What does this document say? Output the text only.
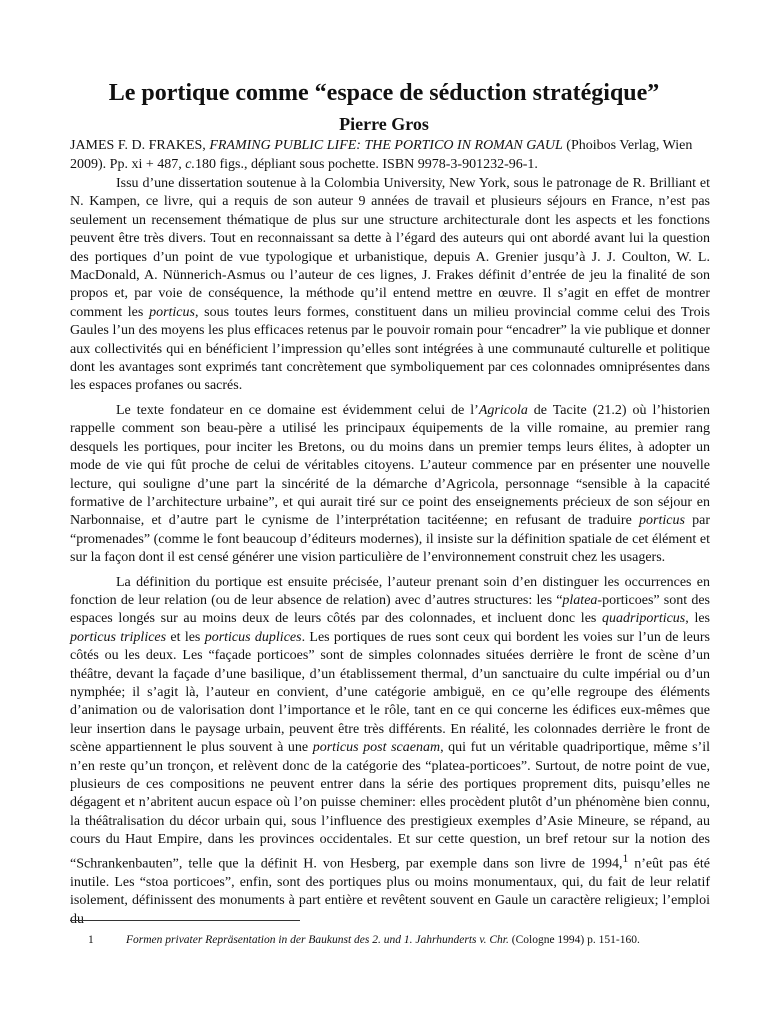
Le portique comme “espace de séduction stratégique”
Pierre Gros

JAMES F. D. FRAKES, FRAMING PUBLIC LIFE: THE PORTICO IN ROMAN GAUL (Phoibos Verlag, Wien 2009). Pp. xi + 487, c.180 figs., dépliant sous pochette. ISBN 9978-3-901232-96-1.

Issu d’une dissertation soutenue à la Colombia University, New York, sous le patronage de R. Brilliant et N. Kampen, ce livre, qui a requis de son auteur 9 années de travail et plusieurs séjours en France, n’est pas seulement un recensement thématique de plus sur une structure architecturale dont les aspects et les fonctions peuvent être très divers. Tout en reconnaissant sa dette à l’égard des auteurs qui ont abordé avant lui la question des portiques d’un point de vue typologique et urbanistique, depuis A. Grenier jusqu’à J. J. Coulton, W. L. MacDonald, A. Nünnerich-Asmus ou l’auteur de ces lignes, J. Frakes définit d’entrée de jeu la finalité de son propos et, par voie de conséquence, la méthode qu’il entend mettre en œuvre. Il s’agit en effet de montrer comment les porticus, sous toutes leurs formes, constituent dans un milieu provincial comme celui des Trois Gaules l’un des moyens les plus efficaces retenus par le pouvoir romain pour “encadrer” la vie publique et donner aux collectivités qui en bénéficient l’impression qu’elles sont intégrées à une communauté culturelle et politique dont les avantages sont exprimés tant concrètement que symboliquement par ces colonnades omniprésentes dans les espaces profanes ou sacrés.

Le texte fondateur en ce domaine est évidemment celui de l’Agricola de Tacite (21.2) où l’historien rappelle comment son beau-père a utilisé les principaux équipements de la ville romaine, au premier rang desquels les portiques, pour inciter les Bretons, ou du moins dans un premier temps leurs élites, à adopter un mode de vie qui fût proche de celui de véritables citoyens. L’auteur commence par en présenter une nouvelle lecture, qui souligne d’une part la sincérité de la démarche d’Agricola, personnage “sensible à la capacité formative de l’architecture urbaine”, et qui aurait tiré sur ce point des enseignements précieux de son séjour en Narbonnaise, et d’autre part le cynisme de l’interprétation tacitéenne; en refusant de traduire porticus par “promenades” (comme le font beaucoup d’éditeurs modernes), il insiste sur la définition spatiale de cet élément et sur la façon dont il est censé générer une vision particulière de l’environnement construit chez les usagers.

La définition du portique est ensuite précisée, l’auteur prenant soin d’en distinguer les occurrences en fonction de leur relation (ou de leur absence de relation) avec d’autres structures: les “platea-porticoes” sont des espaces longés sur au moins deux de leurs côtés par des colonnades, et incluent donc les quadriporticus, les porticus triplices et les porticus duplices. Les portiques de rues sont ceux qui bordent les voies sur l’un de leurs côtés ou les deux. Les “façade porticoes” sont de simples colonnades situées derrière le front de scène d’un théâtre, devant la façade d’une basilique, d’un établissement thermal, d’un sanctuaire du culte impérial ou d’un nymphée; il s’agit là, l’auteur en convient, d’une catégorie ambiguë, en ce qu’elle regroupe des éléments d’animation ou de valorisation dont l’importance et le rôle, tant en ce qui concerne les édifices eux-mêmes que leur insertion dans le paysage urbain, peuvent être très différents. En réalité, les colonnades derrière le front de scène appartiennent le plus souvent à une porticus post scaenam, qui fut un véritable quadriportique, même s’il n’en reste qu’un tronçon, et relèvent donc de la catégorie des “platea-porticoes”. Surtout, de notre point de vue, plusieurs de ces compositions ne peuvent entrer dans la série des portiques proprement dits, puisqu’elles ne dégagent et n’abritent aucun espace où l’on puisse cheminer: elles procèdent plutôt d’un phénomène bien connu, la théâtralisation du décor urbain qui, sous l’influence des prestigieux exemples d’Asie Mineure, se répand, au cours du Haut Empire, dans les provinces occidentales. Et sur cette question, un bref retour sur la notion des “Schrankenbauten”, telle que la définit H. von Hesberg, par exemple dans son livre de 1994,$^1$ n’eût pas été inutile. Les “stoa porticoes”, enfin, sont des portiques plus ou moins monumentaux, qui, du fait de leur relatif isolement, définissent des monuments à part entière et revêtent souvent en Gaule un caractère religieux; l’emploi du

1	Formen privater Repräsentation in der Baukunst des 2. und 1. Jahrhunderts v. Chr. (Cologne 1994) p. 151-160.
